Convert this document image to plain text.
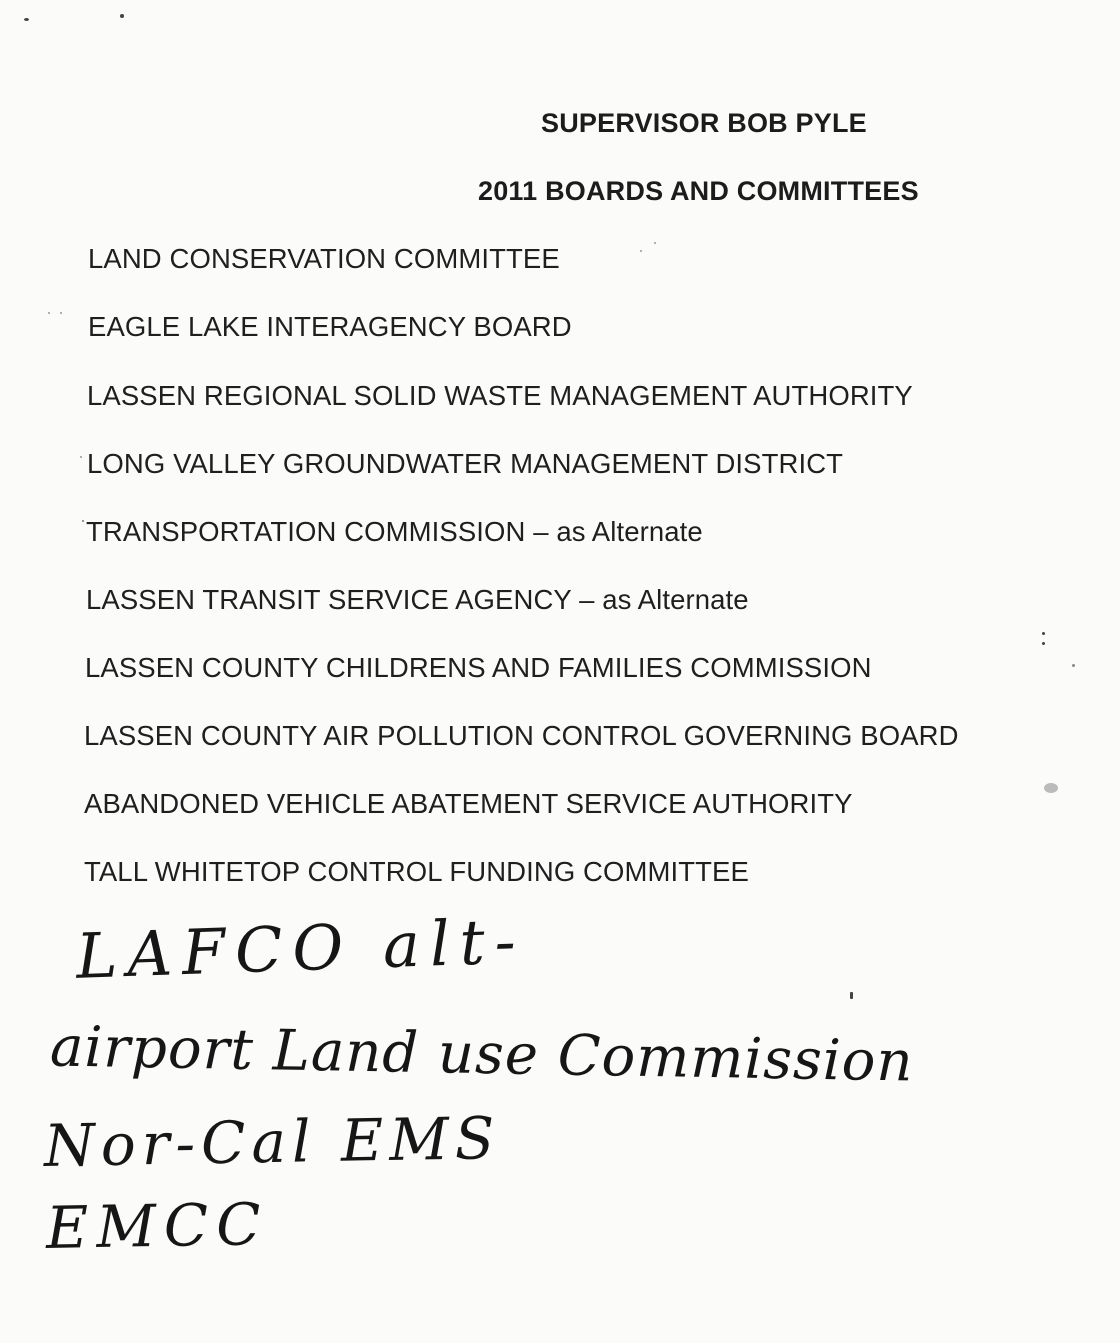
SUPERVISOR BOB PYLE
2011 BOARDS AND COMMITTEES
LAND CONSERVATION COMMITTEE
EAGLE LAKE INTERAGENCY BOARD
LASSEN REGIONAL SOLID WASTE MANAGEMENT AUTHORITY
LONG VALLEY GROUNDWATER MANAGEMENT DISTRICT
TRANSPORTATION COMMISSION – as Alternate
LASSEN TRANSIT SERVICE AGENCY – as Alternate
LASSEN COUNTY CHILDRENS AND FAMILIES COMMISSION
LASSEN COUNTY AIR POLLUTION CONTROL GOVERNING BOARD
ABANDONED VEHICLE ABATEMENT SERVICE AUTHORITY
TALL WHITETOP CONTROL FUNDING COMMITTEE
LAFCO alt-
airport Land use Commission
Nor-Cal EMS
EMCC
